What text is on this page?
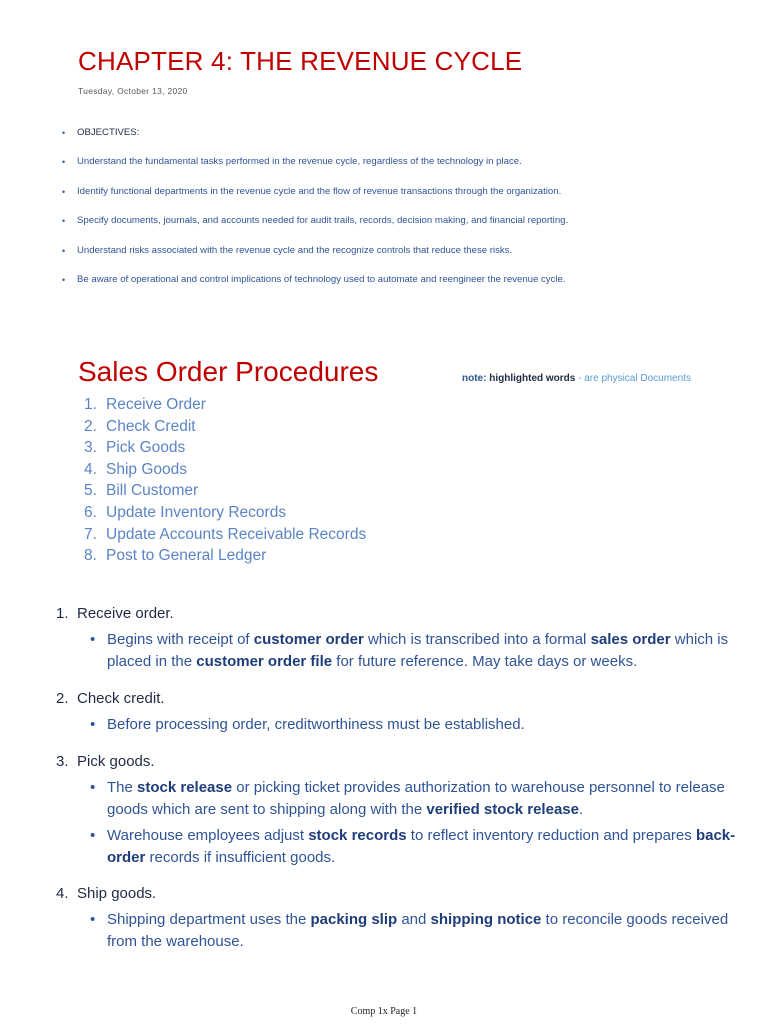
CHAPTER 4: THE REVENUE CYCLE
Tuesday, October 13, 2020
• OBJECTIVES:
• Understand the fundamental tasks performed in the revenue cycle, regardless of the technology in place.
• Identify functional departments in the revenue cycle and the flow of revenue transactions through the organization.
• Specify documents, journals, and accounts needed for audit trails, records, decision making, and financial reporting.
• Understand risks associated with the revenue cycle and the recognize controls that reduce these risks.
• Be aware of operational and control implications of technology used to automate and reengineer the revenue cycle.
Sales Order Procedures	note: highlighted words - are physical Documents
1. Receive Order
2. Check Credit
3. Pick Goods
4. Ship Goods
5. Bill Customer
6. Update Inventory Records
7. Update Accounts Receivable Records
8. Post to General Ledger
1. Receive order.
• Begins with receipt of customer order which is transcribed into a formal sales order which is placed in the customer order file for future reference. May take days or weeks.
2. Check credit.
• Before processing order, creditworthiness must be established.
3. Pick goods.
• The stock release or picking ticket provides authorization to warehouse personnel to release goods which are sent to shipping along with the verified stock release.
• Warehouse employees adjust stock records to reflect inventory reduction and prepares back-order records if insufficient goods.
4. Ship goods.
• Shipping department uses the packing slip and shipping notice to reconcile goods received from the warehouse.
Comp 1x Page 1
